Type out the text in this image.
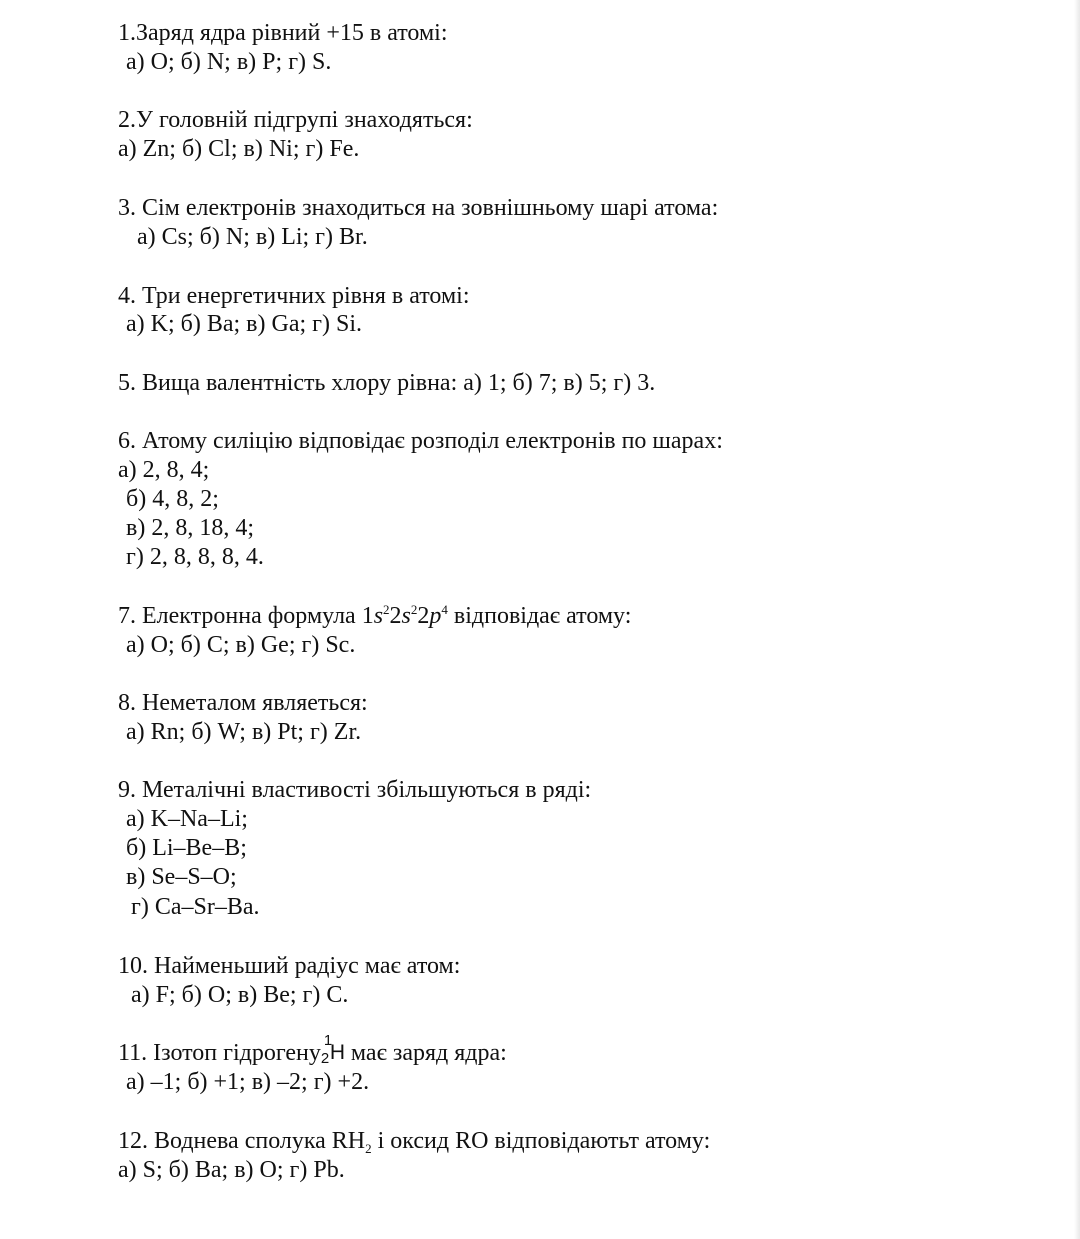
1.Заряд ядра рівний +15 в атомі:
а) O; б) N; в) P; г) S.
2.У головній підгрупі знаходяться:
а) Zn; б) Cl; в) Ni; г) Fe.
3. Сім електронів знаходиться на зовнішньому шарі атома:
а) Cs; б) N; в) Li; г) Br.
4. Три енергетичних рівня в атомі:
а) K; б) Ba; в) Ga; г) Si.
5. Вища валентність хлору рівна: а) 1; б) 7; в) 5; г) 3.
6. Атому силіцію відповідає розподіл електронів по шарах:
а) 2, 8, 4;
б) 4, 8, 2;
в) 2, 8, 18, 4;
г) 2, 8, 8, 8, 4.
7. Електронна формула $1s^22s^22p^4$ відповідає атому:
а) O; б) C; в) Ge; г) Sc.
8. Неметалом являеться:
а) Rn; б) W; в) Pt; г) Zr.
9. Металічні властивості збільшуються в ряді:
а) K–Na–Li;
б) Li–Be–B;
в) Se–S–O;
г) Ca–Sr–Ba.
10. Найменьший радіус має атом:
а) F; б) O; в) Be; г) C.
11. Ізотоп гідрогену 1
2 H має заряд ядра:
а) –1; б) +1; в) –2; г) +2.
12. Воднева сполука $RH_2$ і оксид RO відповідаютьт атому:
а) S; б) Ba; в) O; г) Pb.
